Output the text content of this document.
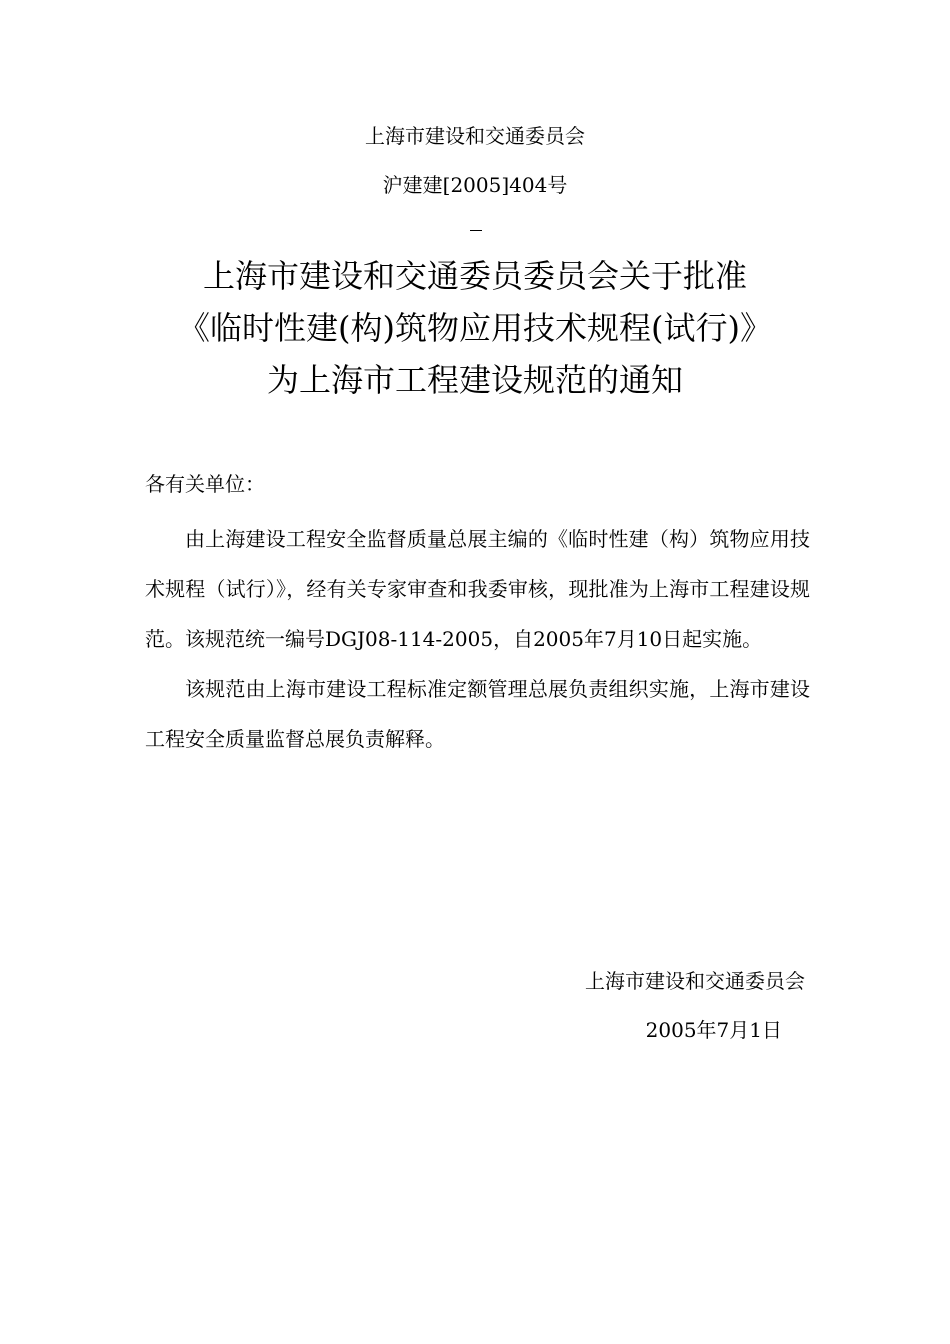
上海市建设和交通委员会
沪建建[2005]404号
上海市建设和交通委员委员会关于批准
《临时性建(构)筑物应用技术规程(试行)》
为上海市工程建设规范的通知
各有关单位：

由上海建设工程安全监督质量总展主编的《临时性建（构）筑物应用技术规程（试行）》，经有关专家审查和我委审核，现批准为上海市工程建设规范。该规范统一编号DGJ08-114-2005，自2005年7月10日起实施。

该规范由上海市建设工程标准定额管理总展负责组织实施，上海市建设工程安全质量监督总展负责解释。

上海市建设和交通委员会
2005年7月1日
